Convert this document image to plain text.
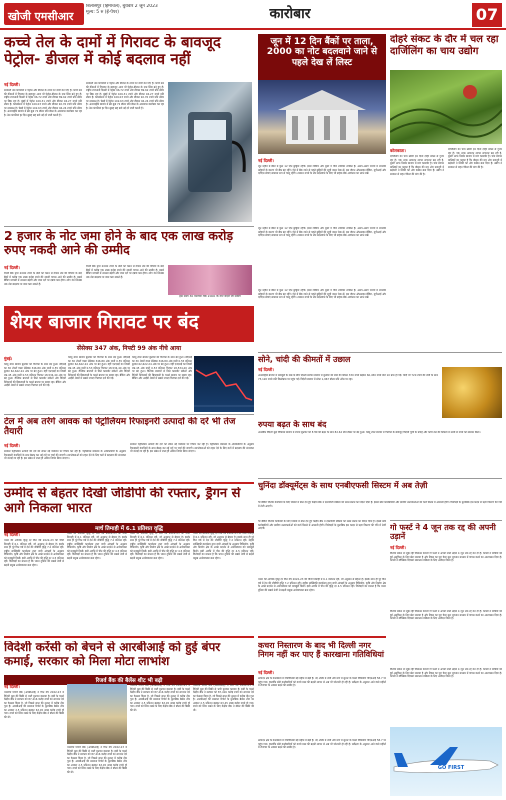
खोजी एमसीआर
बिलासपुर (हिमाचल), बुधवार 2 जून 2023
मूल्य: 5 रु (ई-पेपर)	कारोबार	07
कच्चे तेल के दामों में गिरावट के बावजूद पेट्रोल- डीजल में कोई बदलाव नहीं
नई दिल्ली।
सरकारी तेल कंपनियों ने पेट्रोल और डीजल के ताजा रेट जारी कर दिए हैं। कच्चे तेल की कीमतों में गिरावट के बावजूद आज भी पेट्रोल-डीजल के दाम स्थिर बने हुए हैं। राष्ट्रीय राजधानी दिल्ली में पेट्रोल 96.72 रुपये और डीजल 89.62 रुपये प्रति लीटर पर बिक रहा है। मुंबई में पेट्रोल 106.31 रुपये और डीजल 94.27 रुपये प्रति लीटर है। कोलकाता में पेट्रोल 106.03 रुपये और डीजल 92.76 रुपये प्रति लीटर पर उपलब्ध है। चेन्नई में पेट्रोल 102.63 रुपये और डीजल 94.24 रुपये प्रति लीटर है। अंतरराष्ट्रीय बाजार में ब्रेंट क्रूड 72 डॉलर प्रति बैरल के आसपास कारोबार कर रहा है। तेल कंपनियां हर दिन सुबह छह बजे नई दरें जारी करती हैं।
सरकारी तेल कंपनियों ने पेट्रोल और डीजल के ताजा रेट जारी कर दिए हैं। कच्चे तेल की कीमतों में गिरावट के बावजूद आज भी पेट्रोल-डीजल के दाम स्थिर बने हुए हैं। राष्ट्रीय राजधानी दिल्ली में पेट्रोल 96.72 रुपये और डीजल 89.62 रुपये प्रति लीटर पर बिक रहा है। मुंबई में पेट्रोल 106.31 रुपये और डीजल 94.27 रुपये प्रति लीटर है। कोलकाता में पेट्रोल 106.03 रुपये और डीजल 92.76 रुपये प्रति लीटर पर उपलब्ध है। चेन्नई में पेट्रोल 102.63 रुपये और डीजल 94.24 रुपये प्रति लीटर है। अंतरराष्ट्रीय बाजार में ब्रेंट क्रूड 72 डॉलर प्रति बैरल के आसपास कारोबार कर रहा है। तेल कंपनियां हर दिन सुबह छह बजे नई दरें जारी करती हैं।
2 हजार के नोट जमा होने के बाद एक लाख करोड़ रुपए नकदी आने की उम्मीद
नई दिल्ली।
रिजर्व बैंक द्वारा 2000 रुपये के नोटों को चलन से वापस लेने की घोषणा के बाद बैंकों में करीब एक लाख करोड़ रुपये की नकदी वापस आने की उम्मीद है। इससे बैंकिंग प्रणाली में तरलता बढ़ेगी और जमा दरों पर दबाव कम होगा। लोग 30 सितंबर तक नोट बदलवा या जमा करा सकते हैं।
रिजर्व बैंक द्वारा 2000 रुपये के नोटों को चलन से वापस लेने की घोषणा के बाद बैंकों में करीब एक लाख करोड़ रुपये की नकदी वापस आने की उम्मीद है। इससे बैंकिंग प्रणाली में तरलता बढ़ेगी और जमा दरों पर दबाव कम होगा। लोग 30 सितंबर तक नोट बदलवा या जमा करा सकते हैं।
इस साल 30 सितंबर तक 2000 के नोट बदले जा सकेंगे
जून में 12 दिन बैंकों पर ताला, 2000 का नोट बदलवाने जाने से पहले देख लें लिस्ट
नई दिल्ली।
जून महीने में बैंकों में कुल 12 दिन छुट्टियां रहेंगी। इनमें रविवार और दूसरे व चौथे शनिवार शामिल हैं। अलग-अलग राज्यों में स्थानीय त्योहारों के कारण भी बैंक बंद रहेंगे। ऐसे में बैंक जाने से पहले छुट्टियों की सूची जरूर देख लें। इस दौरान ऑनलाइन बैंकिंग, यूपीआई और एटीएम सेवाएं सामान्य रूप से चालू रहेंगी। 2000 रुपये के नोट बदलवाने के लिए भी ग्राहक बैंक अवकाश का ध्यान रखें।
जून महीने में बैंकों में कुल 12 दिन छुट्टियां रहेंगी। इनमें रविवार और दूसरे व चौथे शनिवार शामिल हैं। अलग-अलग राज्यों में स्थानीय त्योहारों के कारण भी बैंक बंद रहेंगे। ऐसे में बैंक जाने से पहले छुट्टियों की सूची जरूर देख लें। इस दौरान ऑनलाइन बैंकिंग, यूपीआई और एटीएम सेवाएं सामान्य रूप से चालू रहेंगी। 2000 रुपये के नोट बदलवाने के लिए भी ग्राहक बैंक अवकाश का ध्यान रखें।
जून महीने में बैंकों में कुल 12 दिन छुट्टियां रहेंगी। इनमें रविवार और दूसरे व चौथे शनिवार शामिल हैं। अलग-अलग राज्यों में स्थानीय त्योहारों के कारण भी बैंक बंद रहेंगे। ऐसे में बैंक जाने से पहले छुट्टियों की सूची जरूर देख लें। इस दौरान ऑनलाइन बैंकिंग, यूपीआई और एटीएम सेवाएं सामान्य रूप से चालू रहेंगी। 2000 रुपये के नोट बदलवाने के लिए भी ग्राहक बैंक अवकाश का ध्यान रखें।
दोहरे संकट के दौर में चल रहा दार्जिलिंग का चाय उद्योग
कोलकाता।
दार्जिलिंग का चाय उद्योग इन दिनों दोहरे संकट से गुजर रहा है। एक तरफ उत्पादन लागत लगातार बढ़ रही है, दूसरी तरफ निर्यात बाजार में मांग कमजोर है। चाय बागान मालिकों का कहना है कि मौसम की मार और मजदूरी में बढ़ोतरी ने स्थिति को और कठिन बना दिया है। उद्योग ने सरकार से राहत पैकेज की मांग की है।
दार्जिलिंग का चाय उद्योग इन दिनों दोहरे संकट से गुजर रहा है। एक तरफ उत्पादन लागत लगातार बढ़ रही है, दूसरी तरफ निर्यात बाजार में मांग कमजोर है। चाय बागान मालिकों का कहना है कि मौसम की मार और मजदूरी में बढ़ोतरी ने स्थिति को और कठिन बना दिया है। उद्योग ने सरकार से राहत पैकेज की मांग की है।
शेयर बाजार गिरावट पर बंद
सेंसेक्स 347 अंक, निफ्टी 99 अंक नीचे आया
मुंबई।
घरेलू शेयर बाजार बुधवार को गिरावट के साथ बंद हुआ। बीएसई का 30 शेयरों वाला सेंसेक्स 346.89 अंक यानी 0.55 प्रतिशत टूटकर 62,622.24 अंक पर बंद हुआ। वहीं एनएसई का निफ्टी 99.45 अंक यानी 0.53 प्रतिशत गिरकर 18,534.40 अंक पर बंद हुआ। वैश्विक बाजारों से मिले कमजोर संकेतों और विदेशी निवेशकों की बिकवाली के चलते बाजार पर दबाव रहा। बैंकिंग और आईटी शेयरों में सबसे ज्यादा गिरावट दर्ज की गई।
घरेलू शेयर बाजार बुधवार को गिरावट के साथ बंद हुआ। बीएसई का 30 शेयरों वाला सेंसेक्स 346.89 अंक यानी 0.55 प्रतिशत टूटकर 62,622.24 अंक पर बंद हुआ। वहीं एनएसई का निफ्टी 99.45 अंक यानी 0.53 प्रतिशत गिरकर 18,534.40 अंक पर बंद हुआ। वैश्विक बाजारों से मिले कमजोर संकेतों और विदेशी निवेशकों की बिकवाली के चलते बाजार पर दबाव रहा। बैंकिंग और आईटी शेयरों में सबसे ज्यादा गिरावट दर्ज की गई।
घरेलू शेयर बाजार बुधवार को गिरावट के साथ बंद हुआ। बीएसई का 30 शेयरों वाला सेंसेक्स 346.89 अंक यानी 0.55 प्रतिशत टूटकर 62,622.24 अंक पर बंद हुआ। वहीं एनएसई का निफ्टी 99.45 अंक यानी 0.53 प्रतिशत गिरकर 18,534.40 अंक पर बंद हुआ। वैश्विक बाजारों से मिले कमजोर संकेतों और विदेशी निवेशकों की बिकवाली के चलते बाजार पर दबाव रहा। बैंकिंग और आईटी शेयरों में सबसे ज्यादा गिरावट दर्ज की गई।
सोने, चांदी की कीमतों में उछाल
नई दिल्ली।
अंतरराष्ट्रीय बाजार में मजबूती के रुख के बीच दिल्ली सर्राफा बाजार में बुधवार को सोने की कीमत 330 रुपये बढ़कर 60,450 रुपये प्रति 10 ग्राम हो गई। चांदी भी 720 रुपये की तेजी के साथ 73,120 रुपये प्रति किलोग्राम पर पहुंच गई। विदेशी बाजार में सोना 1,967 डॉलर प्रति औंस पर रहा।
रुपया बढ़त के साथ बंद
अंतरबैंक विदेशी मुद्रा विनिमय बाजार में रुपया बुधवार को 8 पैसे की बढ़त के साथ 82.62 प्रति डॉलर पर बंद हुआ। घरेलू शेयर बाजार में गिरावट के बावजूद विदेशी पूंजी के प्रवाह और कच्चे तेल की कीमतों में नरमी से रुपये को समर्थन मिला।
टेल में अब तरेंगे आवक को पेट्रोलियम रिफाइनरी उत्पादों की दरें भी तेज तैयारी
नई दिल्ली।
सरकार पेट्रोलियम उत्पादों की दरों को लेकर नई व्यवस्था पर विचार कर रही है। पेट्रोलियम मंत्रालय के अधिकारियों के अनुसार रिफाइनरी कंपनियों के साथ बैठक कर नई दरों पर चर्चा की जाएगी। उपभोक्ताओं को राहत देने के लिए करों में बदलाव की संभावना भी जताई जा रही है। इस संबंध में जल्द ही अंतिम निर्णय लिया जाएगा।
सरकार पेट्रोलियम उत्पादों की दरों को लेकर नई व्यवस्था पर विचार कर रही है। पेट्रोलियम मंत्रालय के अधिकारियों के अनुसार रिफाइनरी कंपनियों के साथ बैठक कर नई दरों पर चर्चा की जाएगी। उपभोक्ताओं को राहत देने के लिए करों में बदलाव की संभावना भी जताई जा रही है। इस संबंध में जल्द ही अंतिम निर्णय लिया जाएगा।
चुनिंदा डॉक्यूमेंट्स के साथ एनबीएफसी सिस्टम में अब तेज़ी
गैर बैंकिंग वित्तीय कंपनियों के लिए नियमों में ढील देते हुए केंद्रीय बैंक ने दस्तावेजी प्रक्रिया को सरल बनाने का निर्देश दिया है। इससे छोटे कारोबारियों और ग्रामीण उधारकर्ताओं को कर्ज मिलने में आसानी होगी। विशेषज्ञों के मुताबिक इस कदम से ऋण वितरण की गति में तेजी आएगी।
उम्मीद से बेहतर दिखी जीडीपी की रफ्तार, ड्रैगन से आगे निकला भारत
मार्च तिमाही में 6.1 प्रतिशत वृद्धि
नई दिल्ली।
भारत की आर्थिक वृद्धि दर वित्त वर्ष 2022-23 की चौथी तिमाही में 6.1 प्रतिशत रही, जो अनुमान से बेहतर है। इसके साथ ही पूरे वित्त वर्ष में देश की जीडीपी वृद्धि 7.2 प्रतिशत रही। राष्ट्रीय सांख्यिकी कार्यालय द्वारा जारी आंकड़ों के अनुसार विनिर्माण, कृषि और निर्माण क्षेत्र के अच्छे प्रदर्शन से अर्थव्यवस्था को मजबूती मिली। इसी अवधि में चीन की वृद्धि दर 4.5 प्रतिशत रही। विशेषज्ञों का मानना है कि भारत दुनिया की सबसे तेजी से बढ़ती प्रमुख अर्थव्यवस्था बना रहेगा।
भारत की आर्थिक वृद्धि दर वित्त वर्ष 2022-23 की चौथी तिमाही में 6.1 प्रतिशत रही, जो अनुमान से बेहतर है। इसके साथ ही पूरे वित्त वर्ष में देश की जीडीपी वृद्धि 7.2 प्रतिशत रही। राष्ट्रीय सांख्यिकी कार्यालय द्वारा जारी आंकड़ों के अनुसार विनिर्माण, कृषि और निर्माण क्षेत्र के अच्छे प्रदर्शन से अर्थव्यवस्था को मजबूती मिली। इसी अवधि में चीन की वृद्धि दर 4.5 प्रतिशत रही। विशेषज्ञों का मानना है कि भारत दुनिया की सबसे तेजी से बढ़ती प्रमुख अर्थव्यवस्था बना रहेगा।
भारत की आर्थिक वृद्धि दर वित्त वर्ष 2022-23 की चौथी तिमाही में 6.1 प्रतिशत रही, जो अनुमान से बेहतर है। इसके साथ ही पूरे वित्त वर्ष में देश की जीडीपी वृद्धि 7.2 प्रतिशत रही। राष्ट्रीय सांख्यिकी कार्यालय द्वारा जारी आंकड़ों के अनुसार विनिर्माण, कृषि और निर्माण क्षेत्र के अच्छे प्रदर्शन से अर्थव्यवस्था को मजबूती मिली। इसी अवधि में चीन की वृद्धि दर 4.5 प्रतिशत रही। विशेषज्ञों का मानना है कि भारत दुनिया की सबसे तेजी से बढ़ती प्रमुख अर्थव्यवस्था बना रहेगा।
भारत की आर्थिक वृद्धि दर वित्त वर्ष 2022-23 की चौथी तिमाही में 6.1 प्रतिशत रही, जो अनुमान से बेहतर है। इसके साथ ही पूरे वित्त वर्ष में देश की जीडीपी वृद्धि 7.2 प्रतिशत रही। राष्ट्रीय सांख्यिकी कार्यालय द्वारा जारी आंकड़ों के अनुसार विनिर्माण, कृषि और निर्माण क्षेत्र के अच्छे प्रदर्शन से अर्थव्यवस्था को मजबूती मिली। इसी अवधि में चीन की वृद्धि दर 4.5 प्रतिशत रही। विशेषज्ञों का मानना है कि भारत दुनिया की सबसे तेजी से बढ़ती प्रमुख अर्थव्यवस्था बना रहेगा।
गो फर्स्ट ने 4 जून तक रद्द की अपनी उड़ानें
नई दिल्ली।
वित्तीय संकट से जूझ रही विमानन कंपनी गो फर्स्ट ने अपनी सभी उड़ानें 4 जून तक रद्द कर दी हैं। कंपनी ने यात्रियों को हुई असुविधा के लिए खेद जताया है और टिकट का पूरा पैसा मूल भुगतान माध्यम में वापस करने का आश्वासन दिया है। कंपनी ने स्वैच्छिक दिवाला समाधान प्रक्रिया के लिए आवेदन किया है।
वित्तीय संकट से जूझ रही विमानन कंपनी गो फर्स्ट ने अपनी सभी उड़ानें 4 जून तक रद्द कर दी हैं। कंपनी ने यात्रियों को हुई असुविधा के लिए खेद जताया है और टिकट का पूरा पैसा मूल भुगतान माध्यम में वापस करने का आश्वासन दिया है। कंपनी ने स्वैच्छिक दिवाला समाधान प्रक्रिया के लिए आवेदन किया है।
वित्तीय संकट से जूझ रही विमानन कंपनी गो फर्स्ट ने अपनी सभी उड़ानें 4 जून तक रद्द कर दी हैं। कंपनी ने यात्रियों को हुई असुविधा के लिए खेद जताया है और टिकट का पूरा पैसा मूल भुगतान माध्यम में वापस करने का आश्वासन दिया है। कंपनी ने स्वैच्छिक दिवाला समाधान प्रक्रिया के लिए आवेदन किया है।
GO FIRST
विदेशी करेंसी को बेचने से आरबीआई को हुई बंपर कमाई, सरकार को मिला मोटा लाभांश
रिजर्व बैंक की बैलेंस शीट भी बढ़ी
नई दिल्ली।
भारतीय रिजर्व बैंक (आरबीआई) ने वित्त वर्ष 2022-23 में विदेशी मुद्रा की बिक्री से भारी मुनाफा कमाया है। इसी के चलते केंद्रीय बैंक ने सरकार को 87,416 करोड़ रुपये का लाभांश देने का फैसला किया है, जो पिछले साल की तुलना में करीब तीन गुना है। आरबीआई की सालाना रिपोर्ट के मुताबिक बैलेंस शीट का आकार 2.5 प्रतिशत बढ़कर 63.45 लाख करोड़ रुपये हो गया। रुपये को स्थिर रखने के लिए केंद्रीय बैंक ने डॉलर की बिक्री की थी।
भारतीय रिजर्व बैंक (आरबीआई) ने वित्त वर्ष 2022-23 में विदेशी मुद्रा की बिक्री से भारी मुनाफा कमाया है। इसी के चलते केंद्रीय बैंक ने सरकार को 87,416 करोड़ रुपये का लाभांश देने का फैसला किया है, जो पिछले साल की तुलना में करीब तीन गुना है। आरबीआई की सालाना रिपोर्ट के मुताबिक बैलेंस शीट का आकार 2.5 प्रतिशत बढ़कर 63.45 लाख करोड़ रुपये हो गया। रुपये को स्थिर रखने के लिए केंद्रीय बैंक ने डॉलर की बिक्री की थी।
भारतीय रिजर्व बैंक (आरबीआई) ने वित्त वर्ष 2022-23 में विदेशी मुद्रा की बिक्री से भारी मुनाफा कमाया है। इसी के चलते केंद्रीय बैंक ने सरकार को 87,416 करोड़ रुपये का लाभांश देने का फैसला किया है, जो पिछले साल की तुलना में करीब तीन गुना है। आरबीआई की सालाना रिपोर्ट के मुताबिक बैलेंस शीट का आकार 2.5 प्रतिशत बढ़कर 63.45 लाख करोड़ रुपये हो गया। रुपये को स्थिर रखने के लिए केंद्रीय बैंक ने डॉलर की बिक्री की थी।
भारतीय रिजर्व बैंक (आरबीआई) ने वित्त वर्ष 2022-23 में विदेशी मुद्रा की बिक्री से भारी मुनाफा कमाया है। इसी के चलते केंद्रीय बैंक ने सरकार को 87,416 करोड़ रुपये का लाभांश देने का फैसला किया है, जो पिछले साल की तुलना में करीब तीन गुना है। आरबीआई की सालाना रिपोर्ट के मुताबिक बैलेंस शीट का आकार 2.5 प्रतिशत बढ़कर 63.45 लाख करोड़ रुपये हो गया। रुपये को स्थिर रखने के लिए केंद्रीय बैंक ने डॉलर की बिक्री की थी।
कचरा निस्तारण के बाद भी दिल्ली नगर निगम नहीं कर पाए हैं कारखाना गतिविधियां
नई दिल्ली।
उत्पादन क्षेत्र के कारखानों में गतिविधियां मई महीने में बढ़ी हैं। नए ऑर्डर में तेजी और मांग में सुधार के चलते विनिर्माण पीएमआई 58.7 पर पहुंच गया। हालांकि छोटे कारोबारियों को कच्चे माल की बढ़ती लागत से अब भी परेशानी हो रही है। सर्वेक्षण के अनुसार आने वाले महीनों में रोजगार के अवसर बढ़ने की उम्मीद है।
उत्पादन क्षेत्र के कारखानों में गतिविधियां मई महीने में बढ़ी हैं। नए ऑर्डर में तेजी और मांग में सुधार के चलते विनिर्माण पीएमआई 58.7 पर पहुंच गया। हालांकि छोटे कारोबारियों को कच्चे माल की बढ़ती लागत से अब भी परेशानी हो रही है। सर्वेक्षण के अनुसार आने वाले महीनों में रोजगार के अवसर बढ़ने की उम्मीद है।
गैर बैंकिंग वित्तीय कंपनियों के लिए नियमों में ढील देते हुए केंद्रीय बैंक ने दस्तावेजी प्रक्रिया को सरल बनाने का निर्देश दिया है। इससे छोटे कारोबारियों और ग्रामीण उधारकर्ताओं को कर्ज मिलने में आसानी होगी। विशेषज्ञों के मुताबिक इस कदम से ऋण वितरण की गति में तेजी आएगी।
भारत की आर्थिक वृद्धि दर वित्त वर्ष 2022-23 की चौथी तिमाही में 6.1 प्रतिशत रही, जो अनुमान से बेहतर है। इसके साथ ही पूरे वित्त वर्ष में देश की जीडीपी वृद्धि 7.2 प्रतिशत रही। राष्ट्रीय सांख्यिकी कार्यालय द्वारा जारी आंकड़ों के अनुसार विनिर्माण, कृषि और निर्माण क्षेत्र के अच्छे प्रदर्शन से अर्थव्यवस्था को मजबूती मिली। इसी अवधि में चीन की वृद्धि दर 4.5 प्रतिशत रही। विशेषज्ञों का मानना है कि भारत दुनिया की सबसे तेजी से बढ़ती प्रमुख अर्थव्यवस्था बना रहेगा।
